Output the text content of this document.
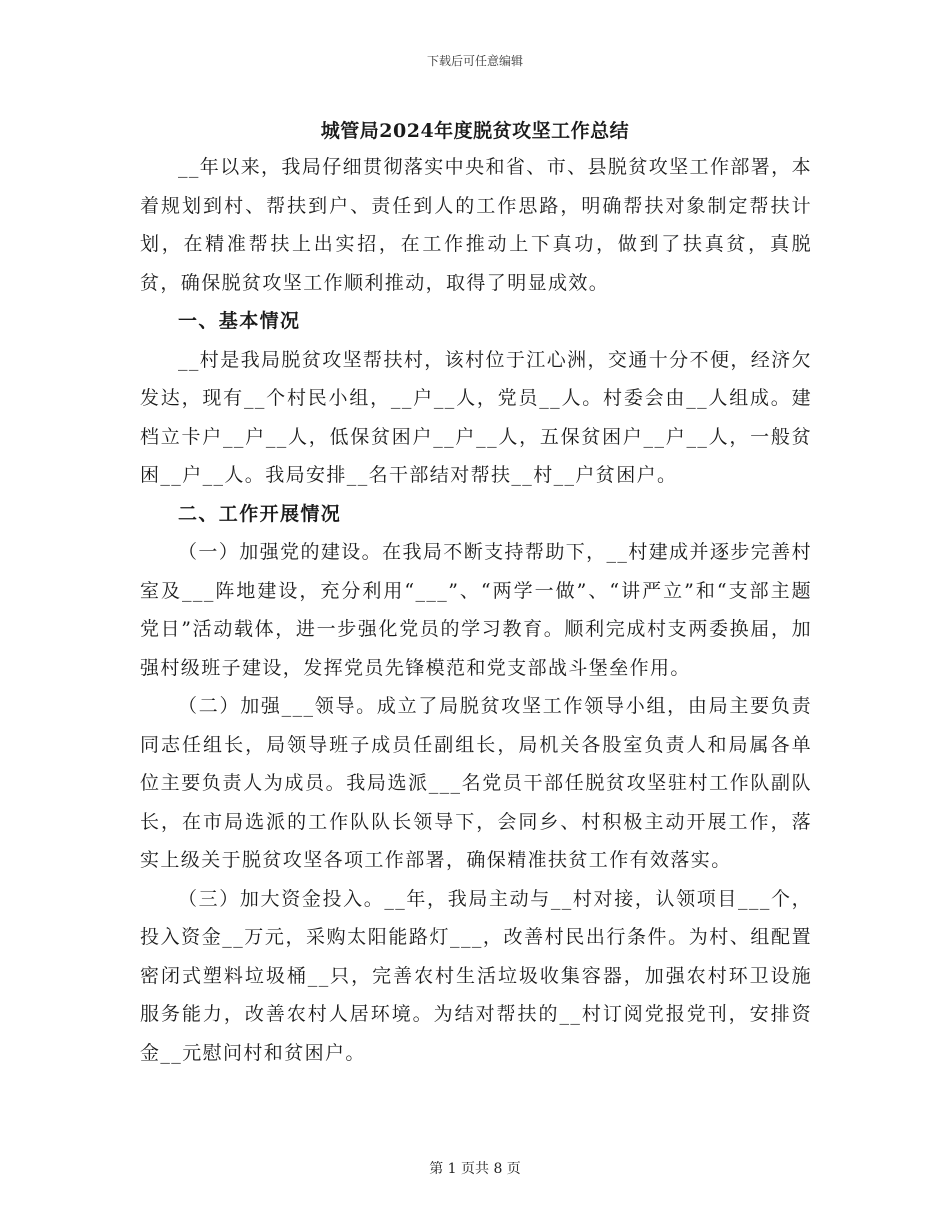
下载后可任意编辑
城管局2024年度脱贫攻坚工作总结

__年以来，我局仔细贯彻落实中央和省、市、县脱贫攻坚工作部署，本着规划到村、帮扶到户、责任到人的工作思路，明确帮扶对象制定帮扶计划，在精准帮扶上出实招，在工作推动上下真功，做到了扶真贫，真脱贫，确保脱贫攻坚工作顺利推动，取得了明显成效。

一、基本情况

__村是我局脱贫攻坚帮扶村，该村位于江心洲，交通十分不便，经济欠发达，现有__个村民小组，__户__人，党员__人。村委会由__人组成。建档立卡户__户__人，低保贫困户__户__人，五保贫困户__户__人，一般贫困__户__人。我局安排__名干部结对帮扶__村__户贫困户。

二、工作开展情况

（一）加强党的建设。在我局不断支持帮助下，__村建成并逐步完善村室及___阵地建设，充分利用“___”、“两学一做”、“讲严立”和“支部主题党日”活动载体，进一步强化党员的学习教育。顺利完成村支两委换届，加强村级班子建设，发挥党员先锋模范和党支部战斗堡垒作用。

（二）加强___领导。成立了局脱贫攻坚工作领导小组，由局主要负责同志任组长，局领导班子成员任副组长，局机关各股室负责人和局属各单位主要负责人为成员。我局选派___名党员干部任脱贫攻坚驻村工作队副队长，在市局选派的工作队队长领导下，会同乡、村积极主动开展工作，落实上级关于脱贫攻坚各项工作部署，确保精准扶贫工作有效落实。

（三）加大资金投入。__年，我局主动与__村对接，认领项目___个，投入资金__万元，采购太阳能路灯___，改善村民出行条件。为村、组配置密闭式塑料垃圾桶__只，完善农村生活垃圾收集容器，加强农村环卫设施服务能力，改善农村人居环境。为结对帮扶的__村订阅党报党刊，安排资金__元慰问村和贫困户。

第 1 页共 8 页
